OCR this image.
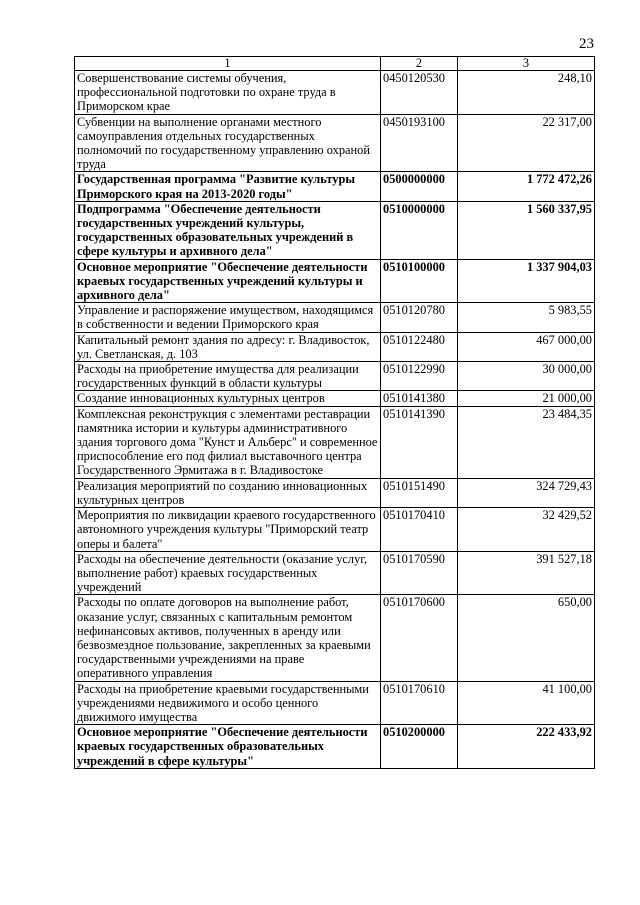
23
1	2	3
Совершенствование системы обучения, профессиональной подготовки по охране труда в Приморском крае	0450120530	248,10
Субвенции на выполнение органами местного самоуправления отдельных государственных полномочий по государственному управлению охраной труда	0450193100	22 317,00
Государственная программа "Развитие культуры Приморского края на 2013-2020 годы"	0500000000	1 772 472,26
Подпрограмма "Обеспечение деятельности государственных учреждений культуры, государственных образовательных учреждений в сфере культуры и архивного дела"	0510000000	1 560 337,95
Основное мероприятие "Обеспечение деятельности краевых государственных учреждений культуры и архивного дела"	0510100000	1 337 904,03
Управление и распоряжение имуществом, находящимся в собственности и ведении Приморского края	0510120780	5 983,55
Капитальный ремонт здания по адресу: г. Владивосток, ул. Светланская, д. 103	0510122480	467 000,00
Расходы на приобретение имущества для реализации государственных функций в области культуры	0510122990	30 000,00
Создание инновационных культурных центров	0510141380	21 000,00
Комплексная реконструкция с элементами реставрации памятника истории и культуры административного здания торгового дома "Кунст и Альберс" и современное приспособление его под филиал выставочного центра Государственного Эрмитажа в г. Владивостоке	0510141390	23 484,35
Реализация мероприятий по созданию инновационных культурных центров	0510151490	324 729,43
Мероприятия по ликвидации краевого государственного автономного учреждения культуры "Приморский театр оперы и балета"	0510170410	32 429,52
Расходы на обеспечение деятельности (оказание услуг, выполнение работ) краевых государственных учреждений	0510170590	391 527,18
Расходы по оплате договоров на выполнение работ, оказание услуг, связанных с капитальным ремонтом нефинансовых активов, полученных в аренду или безвозмездное пользование, закрепленных за краевыми государственными учреждениями на праве оперативного управления	0510170600	650,00
Расходы на приобретение краевыми государственными учреждениями недвижимого и особо ценного движимого имущества	0510170610	41 100,00
Основное мероприятие "Обеспечение деятельности краевых государственных образовательных учреждений в сфере культуры"	0510200000	222 433,92
